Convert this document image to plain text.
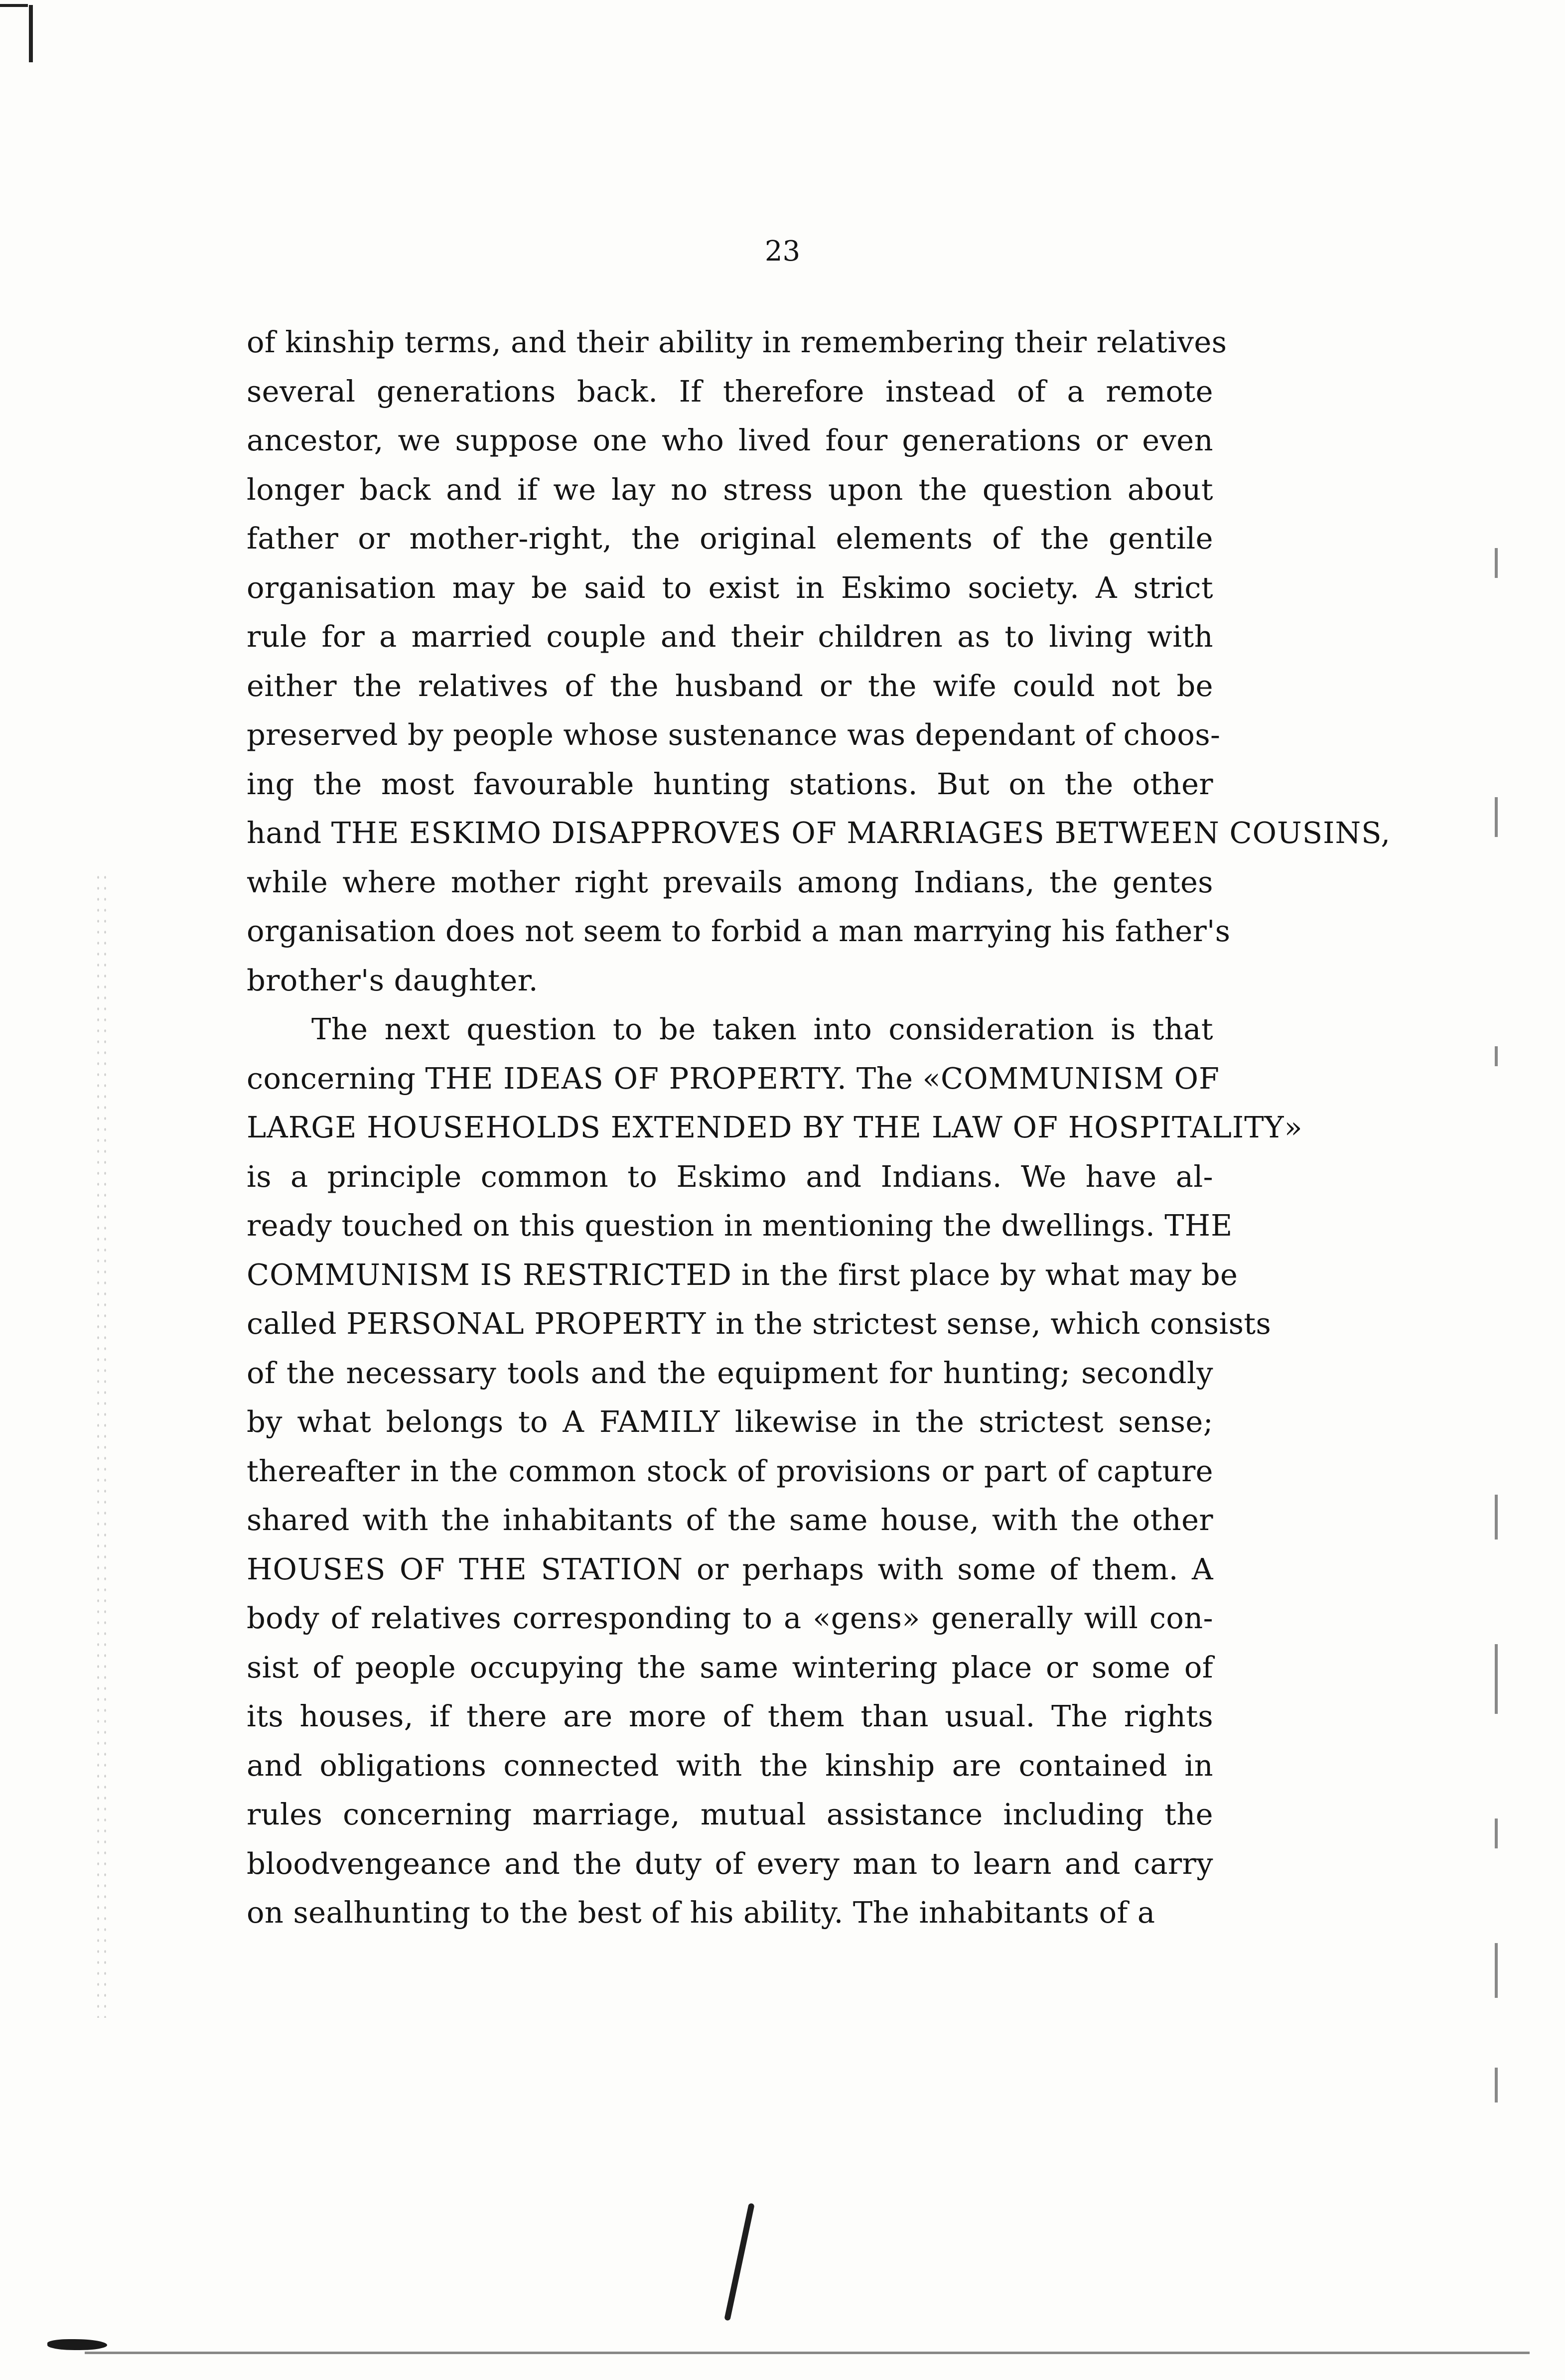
23
of kinship terms, and their ability in remembering their relatives
several generations back. If therefore instead of a remote
ancestor, we suppose one who lived four generations or even
longer back and if we lay no stress upon the question about
father or mother-right, the original elements of the gentile
organisation may be said to exist in Eskimo society. A strict
rule for a married couple and their children as to living with
either the relatives of the husband or the wife could not be
preserved by people whose sustenance was dependant of choos-
ing the most favourable hunting stations. But on the other
hand THE ESKIMO DISAPPROVES OF MARRIAGES BETWEEN COUSINS,
while where mother right prevails among Indians, the gentes
organisation does not seem to forbid a man marrying his father's
brother's daughter.
The next question to be taken into consideration is that
concerning THE IDEAS OF PROPERTY. The «COMMUNISM OF
LARGE HOUSEHOLDS EXTENDED BY THE LAW OF HOSPITALITY»
is a principle common to Eskimo and Indians. We have al-
ready touched on this question in mentioning the dwellings. THE
COMMUNISM IS RESTRICTED in the first place by what may be
called PERSONAL PROPERTY in the strictest sense, which consists
of the necessary tools and the equipment for hunting; secondly
by what belongs to A FAMILY likewise in the strictest sense;
thereafter in the common stock of provisions or part of capture
shared with the inhabitants of the same house, with the other
HOUSES OF THE STATION or perhaps with some of them. A
body of relatives corresponding to a «gens» generally will con-
sist of people occupying the same wintering place or some of
its houses, if there are more of them than usual. The rights
and obligations connected with the kinship are contained in
rules concerning marriage, mutual assistance including the
bloodvengeance and the duty of every man to learn and carry
on sealhunting to the best of his ability. The inhabitants of a
